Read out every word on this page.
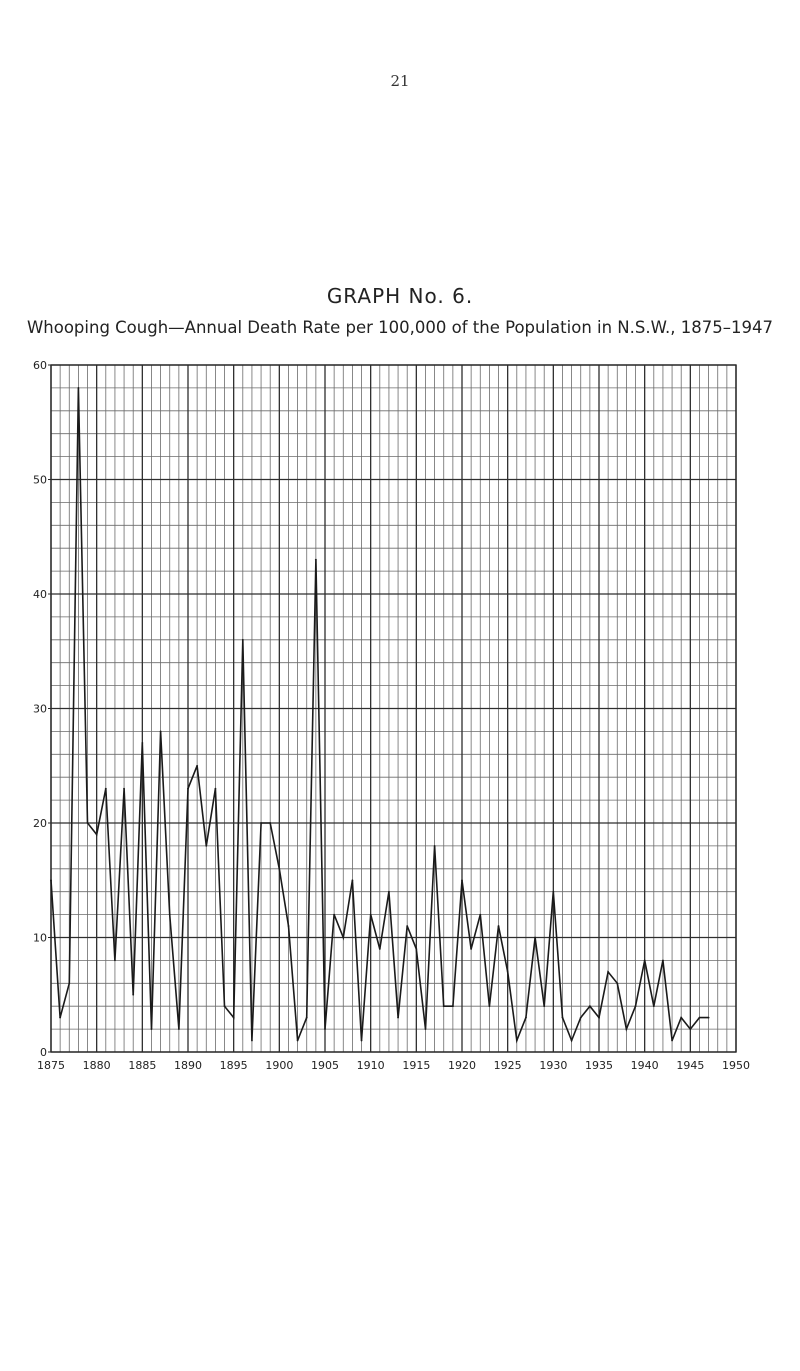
21
GRAPH No. 6.
Whooping Cough—Annual Death Rate per 100,000 of the Population in N.S.W., 1875–1947
0
10
20
30
40
50
60
1875 1880 1885 1890 1895 1900 1905 1910 1915 1920 1925 1930 1935 1940 1945 1950
